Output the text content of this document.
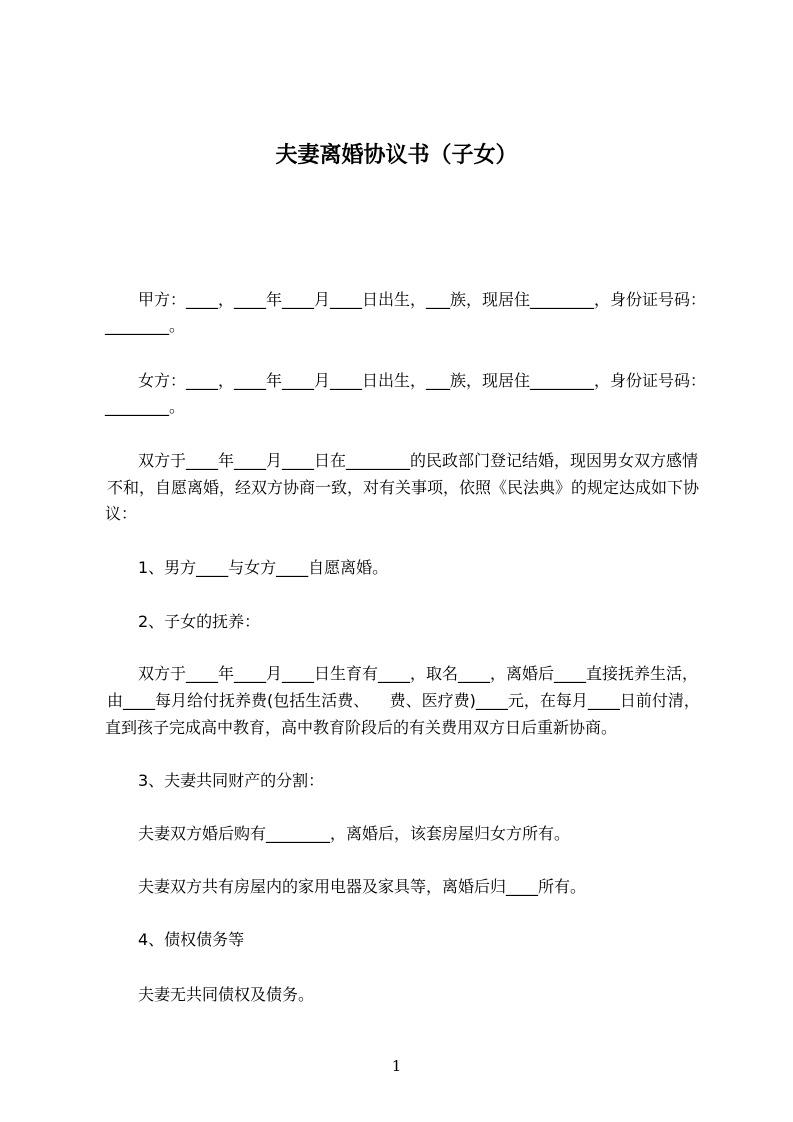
夫妻离婚协议书（子女）
甲方：____，____年____月____日出生，___族，现居住________，身份证号码：
________。
女方：____，____年____月____日出生，___族，现居住________，身份证号码：
________。
双方于____年____月____日在________的民政部门登记结婚，现因男女双方感情
不和，自愿离婚，经双方协商一致，对有关事项，依照《民法典》的规定达成如下协
议：
1、男方____与女方____自愿离婚。
2、子女的抚养：
双方于____年____月____日生育有____，取名____，离婚后____直接抚养生活，
由____每月给付抚养费(包括生活费、    费、医疗费)____元，在每月____日前付清，
直到孩子完成高中教育，高中教育阶段后的有关费用双方日后重新协商。
3、夫妻共同财产的分割：
夫妻双方婚后购有________，离婚后，该套房屋归女方所有。
夫妻双方共有房屋内的家用电器及家具等，离婚后归____所有。
4、债权债务等
夫妻无共同债权及债务。
1
